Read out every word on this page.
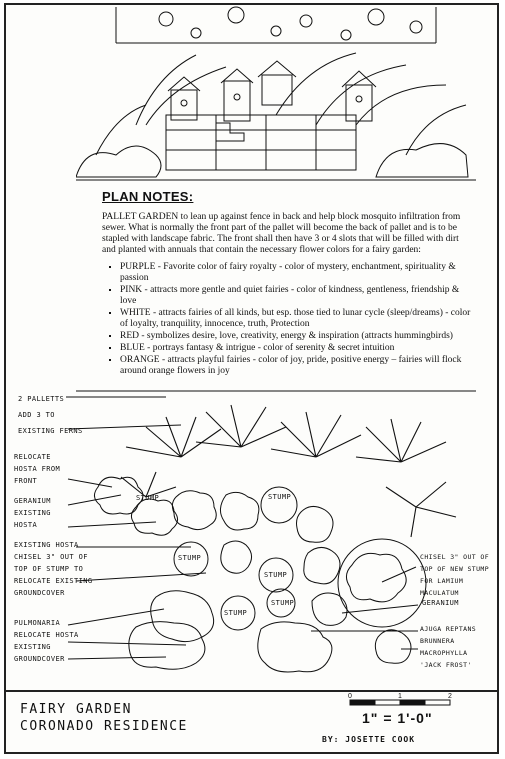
PLAN NOTES:

PALLET GARDEN to lean up against fence in back and help block mosquito infiltration from sewer. What is normally the front part of the pallet will become the back of pallet and is to be stapled with landscape fabric. The front shall then have 3 or 4 slots that will be filled with dirt and planted with annuals that contain the necessary flower colors for a fairy garden:

▪ PURPLE - Favorite color of fairy royalty - color of mystery, enchantment, spirituality & passion
▪ PINK - attracts more gentle and quiet fairies - color of kindness, gentleness, friendship & love
▪ WHITE - attracts fairies of all kinds, but esp. those tied to lunar cycle (sleep/dreams) - color of loyalty, tranquility, innocence, truth, Protection
▪ RED - symbolizes desire, love, creativity, energy & inspiration (attracts hummingbirds)
▪ BLUE - portrays fantasy & intrigue - color of serenity & secret intuition
▪ ORANGE - attracts playful fairies - color of joy, pride, positive energy – fairies will flock around orange flowers in joy
STUMP	STUMP
STUMP
STUMP
STUMP
STUMP
2 PALLETTS
ADD 3 TO
EXISTING FERNS
RELOCATE
HOSTA FROM
FRONT
GERANIUM
EXISTING
HOSTA
EXISTING HOSTA
CHISEL 3" OUT OF
TOP OF STUMP TO
RELOCATE EXISTING
GROUNDCOVER
PULMONARIA
RELOCATE HOSTA
EXISTING
GROUNDCOVER
CHISEL 3" OUT OF
TOP OF NEW STUMP
FOR LAMIUM
MACULATUM
GERANIUM
AJUGA REPTANS
BRUNNERA
MACROPHYLLA
'JACK FROST'
FAIRY GARDEN
CORONADO RESIDENCE
0	1	2
1" = 1'-0"
BY: JOSETTE COOK
